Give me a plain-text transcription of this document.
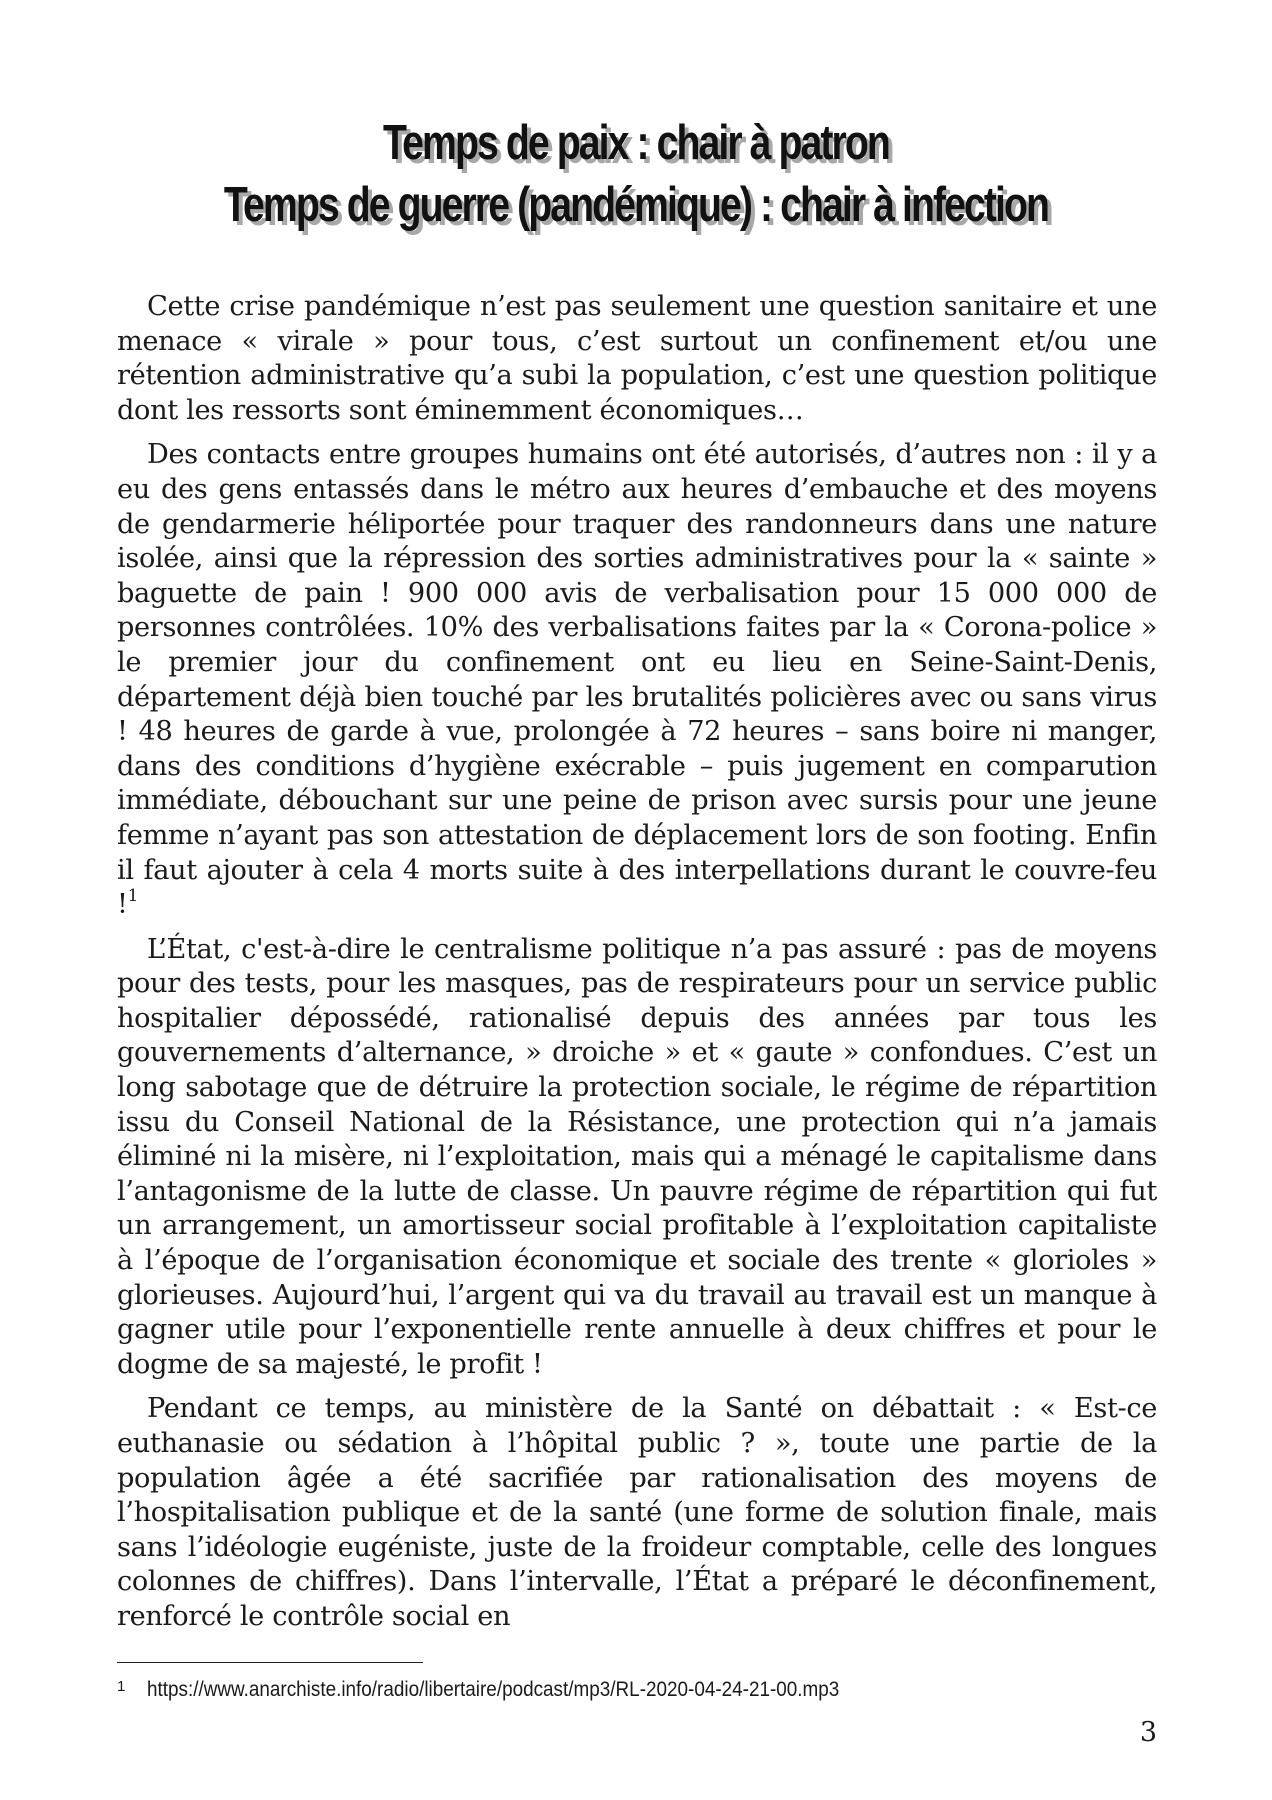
Temps de paix : chair à patron
Temps de guerre (pandémique) : chair à infection

Cette crise pandémique n’est pas seulement une question sanitaire et une menace « virale » pour tous, c’est surtout un confinement et/ou une rétention administrative qu’a subi la population, c’est une question politique dont les ressorts sont éminemment économiques…

Des contacts entre groupes humains ont été autorisés, d’autres non : il y a eu des gens entassés dans le métro aux heures d’embauche et des moyens de gendarmerie héliportée pour traquer des randonneurs dans une nature isolée, ainsi que la répression des sorties administratives pour la « sainte » baguette de pain ! 900 000 avis de verbalisation pour 15 000 000 de personnes contrôlées. 10% des verbalisations faites par la « Corona-police » le premier jour du confinement ont eu lieu en Seine-Saint-Denis, département déjà bien touché par les brutalités policières avec ou sans virus ! 48 heures de garde à vue, prolongée à 72 heures – sans boire ni manger, dans des conditions d’hygiène exécrable – puis jugement en comparution immédiate, débouchant sur une peine de prison avec sursis pour une jeune femme n’ayant pas son attestation de déplacement lors de son footing. Enfin il faut ajouter à cela 4 morts suite à des interpellations durant le couvre-feu !$^1$

L’État, c'est-à-dire le centralisme politique n’a pas assuré : pas de moyens pour des tests, pour les masques, pas de respirateurs pour un service public hospitalier dépossédé, rationalisé depuis des années par tous les gouvernements d’alternance, » droiche » et « gaute » confondues. C’est un long sabotage que de détruire la protection sociale, le régime de répartition issu du Conseil National de la Résistance, une protection qui n’a jamais éliminé ni la misère, ni l’exploitation, mais qui a ménagé le capitalisme dans l’antagonisme de la lutte de classe. Un pauvre régime de répartition qui fut un arrangement, un amortisseur social profitable à l’exploitation capitaliste à l’époque de l’organisation économique et sociale des trente « glorioles » glorieuses. Aujourd’hui, l’argent qui va du travail au travail est un manque à gagner utile pour l’exponentielle rente annuelle à deux chiffres et pour le dogme de sa majesté, le profit !

Pendant ce temps, au ministère de la Santé on débattait : « Est-ce euthanasie ou sédation à l’hôpital public ? », toute une partie de la population âgée a été sacrifiée par rationalisation des moyens de l’hospitalisation publique et de la santé (une forme de solution finale, mais sans l’idéologie eugéniste, juste de la froideur comptable, celle des longues colonnes de chiffres). Dans l’intervalle, l’État a préparé le déconfinement, renforcé le contrôle social en

1 https://www.anarchiste.info/radio/libertaire/podcast/mp3/RL-2020-04-24-21-00.mp3
3
